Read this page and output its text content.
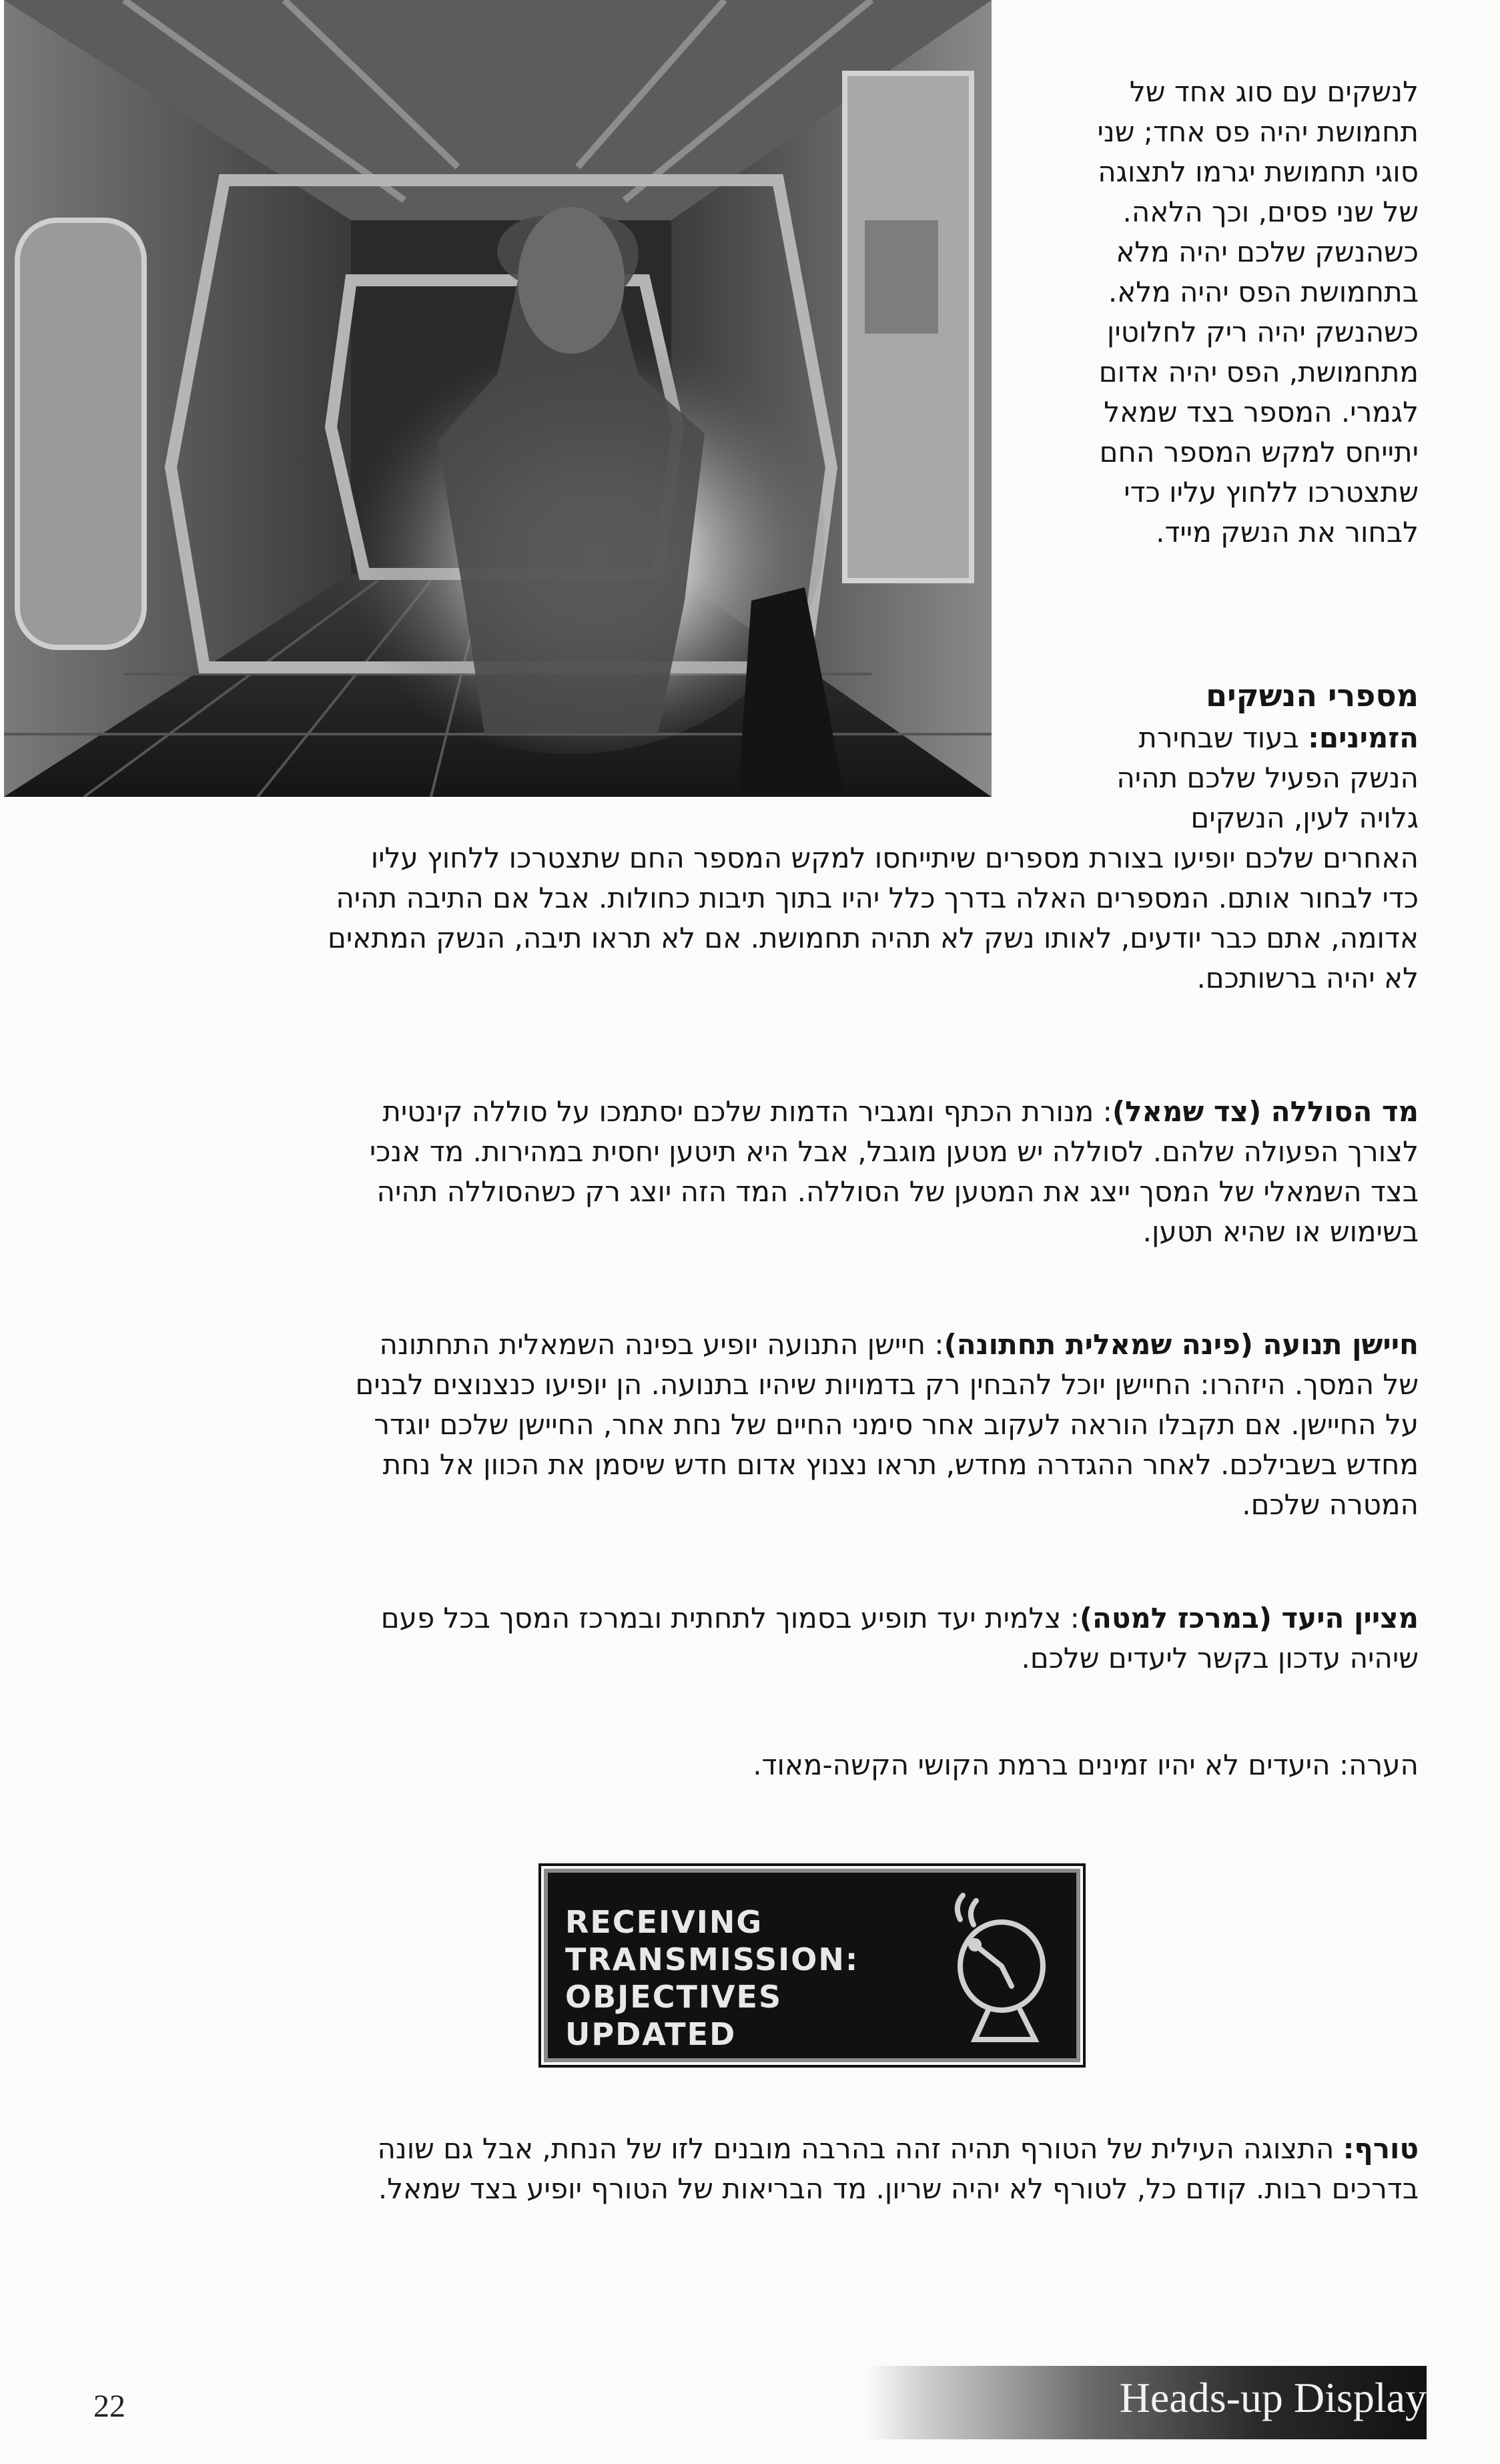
לנשקים עם סוג אחד של
תחמושת יהיה פס אחד; שני
סוגי תחמושת יגרמו לתצוגה
של שני פסים, וכך הלאה.
כשהנשק שלכם יהיה מלא
בתחמושת הפס יהיה מלא.
כשהנשק יהיה ריק לחלוטין
מתחמושת, הפס יהיה אדום
לגמרי. המספר בצד שמאל
יתייחס למקש המספר החם
שתצטרכו ללחוץ עליו כדי
לבחור את הנשק מייד.
מספרי הנשקים
הזמינים: בעוד שבחירת
הנשק הפעיל שלכם תהיה
גלויה לעין, הנשקים
האחרים שלכם יופיעו בצורת מספרים שיתייחסו למקש המספר החם שתצטרכו ללחוץ עליו
כדי לבחור אותם. המספרים האלה בדרך כלל יהיו בתוך תיבות כחולות. אבל אם התיבה תהיה
אדומה, אתם כבר יודעים, לאותו נשק לא תהיה תחמושת. אם לא תראו תיבה, הנשק המתאים
לא יהיה ברשותכם.
מד הסוללה (צד שמאל): מנורת הכתף ומגביר הדמות שלכם יסתמכו על סוללה קינטית
לצורך הפעולה שלהם. לסוללה יש מטען מוגבל, אבל היא תיטען יחסית במהירות. מד אנכי
בצד השמאלי של המסך ייצג את המטען של הסוללה. המד הזה יוצג רק כשהסוללה תהיה
בשימוש או שהיא תטען.
חיישן תנועה (פינה שמאלית תחתונה): חיישן התנועה יופיע בפינה השמאלית התחתונה
של המסך. היזהרו: החיישן יוכל להבחין רק בדמויות שיהיו בתנועה. הן יופיעו כנצנוצים לבנים
על החיישן. אם תקבלו הוראה לעקוב אחר סימני החיים של נחת אחר, החיישן שלכם יוגדר
מחדש בשבילכם. לאחר ההגדרה מחדש, תראו נצנוץ אדום חדש שיסמן את הכוון אל נחת
המטרה שלכם.
מציין היעד (במרכז למטה): צלמית יעד תופיע בסמוך לתחתית ובמרכז המסך בכל פעם
שיהיה עדכון בקשר ליעדים שלכם.
הערה: היעדים לא יהיו זמינים ברמת הקושי הקשה-מאוד.
RECEIVING
TRANSMISSION:
OBJECTIVES
UPDATED
טורף: התצוגה העילית של הטורף תהיה זהה בהרבה מובנים לזו של הנחת, אבל גם שונה
בדרכים רבות. קודם כל, לטורף לא יהיה שריון. מד הבריאות של הטורף יופיע בצד שמאל.
22	Heads-up Display
